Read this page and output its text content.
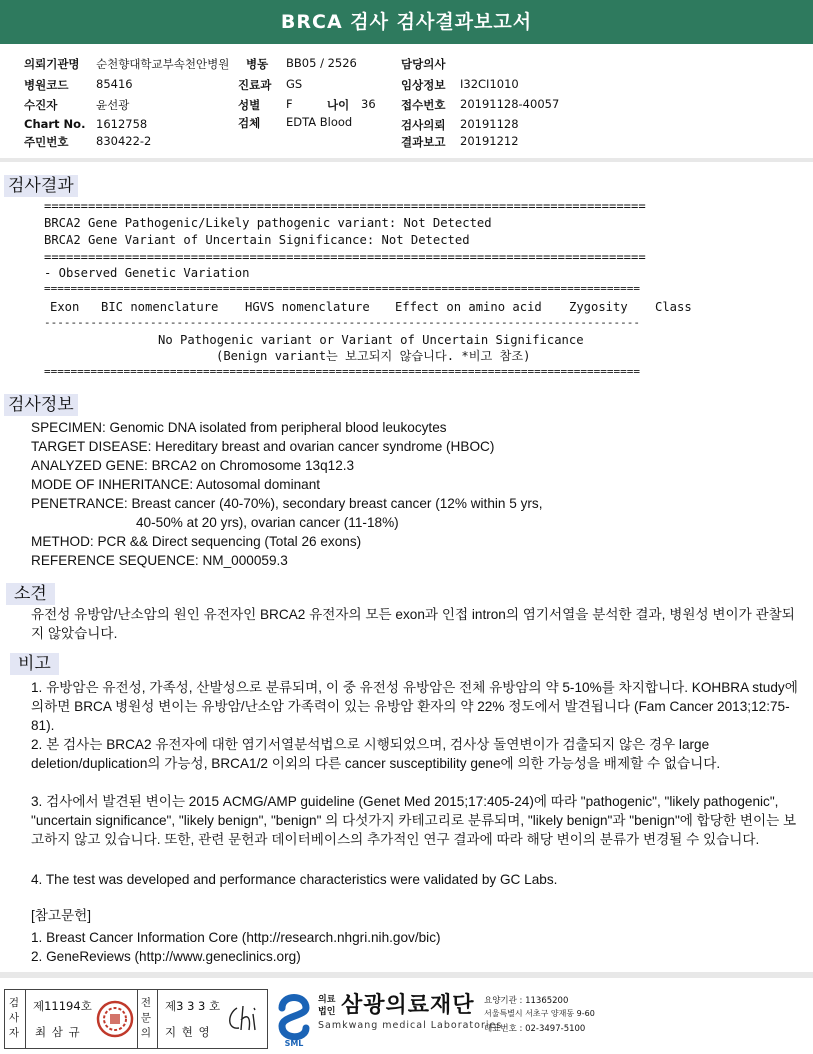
BRCA 검사 검사결과보고서
의뢰기관명 순천향대학교부속천안병원 병동 BB05 / 2526	담당의사
병원코드 85416	진료과 GS	임상정보 I32CI1010
수진자	윤선광	성별 F	나이 36 접수번호 20191128-40057
Chart No. 1612758	검체 EDTA Blood	검사의뢰 20191128
주민번호 830422-2	결과보고 20191212
검사결과
==================================================================================
BRCA2 Gene Pathogenic/Likely pathogenic variant: Not Detected
BRCA2 Gene Variant of Uncertain Significance: Not Detected
==================================================================================
- Observed Genetic Variation
==========================================================================================
Exon BIC nomenclature HGVS nomenclature Effect on amino acid Zygosity Class
------------------------------------------------------------------------------------------
No Pathogenic variant or Variant of Uncertain Significance
(Benign variant는 보고되지 않습니다. *비고 참조)
==========================================================================================
검사정보
SPECIMEN: Genomic DNA isolated from peripheral blood leukocytes
TARGET DISEASE: Hereditary breast and ovarian cancer syndrome (HBOC)
ANALYZED GENE: BRCA2 on Chromosome 13q12.3
MODE OF INHERITANCE: Autosomal dominant
PENETRANCE: Breast cancer (40-70%), secondary breast cancer (12% within 5 yrs,
40-50% at 20 yrs), ovarian cancer (11-18%)
METHOD: PCR && Direct sequencing (Total 26 exons)
REFERENCE SEQUENCE: NM_000059.3
소견
유전성 유방암/난소암의 원인 유전자인 BRCA2 유전자의 모든 exon과 인접 intron의 염기서열을 분석한 결과, 병원성 변이가 관찰되지 않았습니다.
비고
1. 유방암은 유전성, 가족성, 산발성으로 분류되며, 이 중 유전성 유방암은 전체 유방암의 약 5-10%를 차지합니다. KOHBRA study에 의하면 BRCA 병원성 변이는 유방암/난소암 가족력이 있는 유방암 환자의 약 22% 정도에서 발견됩니다 (Fam Cancer 2013;12:75-81).
2. 본 검사는 BRCA2 유전자에 대한 염기서열분석법으로 시행되었으며, 검사상 돌연변이가 검출되지 않은 경우 large deletion/duplication의 가능성, BRCA1/2 이외의 다른 cancer susceptibility gene에 의한 가능성을 배제할 수 없습니다.
3. 검사에서 발견된 변이는 2015 ACMG/AMP guideline (Genet Med 2015;17:405-24)에 따라 "pathogenic", "likely pathogenic", "uncertain significance", "likely benign", "benign" 의 다섯가지 카테고리로 분류되며, "likely benign"과 "benign"에 합당한 변이는 보고하지 않고 있습니다. 또한, 관련 문헌과 데이터베이스의 추가적인 연구 결과에 따라 해당 변이의 분류가 변경될 수 있습니다.
4. The test was developed and performance characteristics were validated by GC Labs.
[참고문헌]
1. Breast Cancer Information Core (http://research.nhgri.nih.gov/bic)
2. GeneReviews (http://www.geneclinics.org)
검사자
제11194호
최 삼 규
전문의
제3 3 3 호
지 현 영
SML
의료
법인 삼광의료재단
Samkwang medical Laboratories
요양기관 : 11365200
서울특별시 서초구 양재동 9-60
대표번호 : 02-3497-5100
